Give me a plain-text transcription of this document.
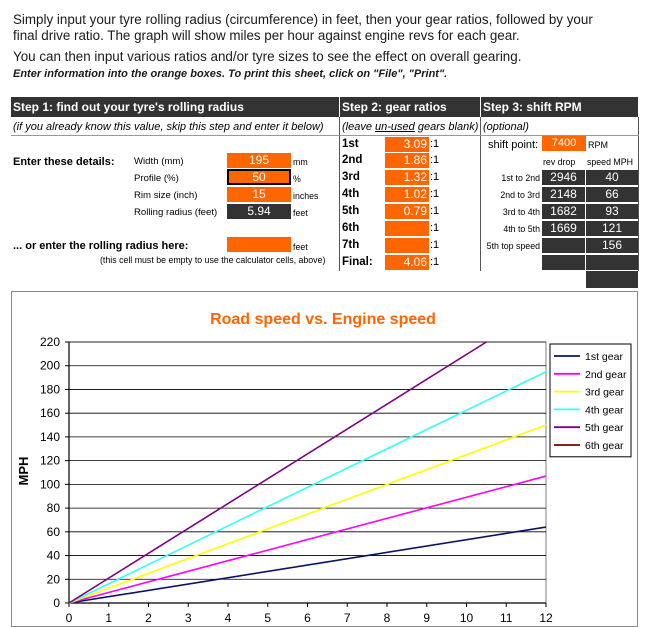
Simply input your tyre rolling radius (circumference) in feet, then your gear ratios, followed by your
final drive ratio. The graph will show miles per hour against engine revs for each gear.
You can then input various ratios and/or tyre sizes to see the effect on overall gearing.
Enter information into the orange boxes. To print this sheet, click on "File", "Print".
Step 1: find out your tyre's rolling radius	Step 2: gear ratios	Step 3: shift RPM
(if you already know this value, skip this step and enter it below)
Enter these details: Width (mm)	195	mm
Profile (%)	50	%
Rim size (inch)	15	inches
Rolling radius (feet)	5.94	feet
... or enter the rolling radius here:	feet
(this cell must be empty to use the calculator cells, above)
(leave un-used gears blank)
1st	3.09 :1
2nd	1.86 :1
3rd	1.32 :1
4th	1.02 :1
5th	0.79 :1
6th	:1
7th	:1
Final:	4.06 :1
(optional)
shift point:	7400	RPM
rev drop speed MPH
1st to 2nd 2946	40
2nd to 3rd 2148	66
3rd to 4th 1682	93
4th to 5th 1669	121
5th top speed	156
Road speed vs. Engine speed
MPH
0
20
40
60
80
100
120
140
160
180
200
220
0	1	2	3	4	5	6	7	8	9 10 11 12
1st gear
2nd gear
3rd gear
4th gear
5th gear
6th gear
